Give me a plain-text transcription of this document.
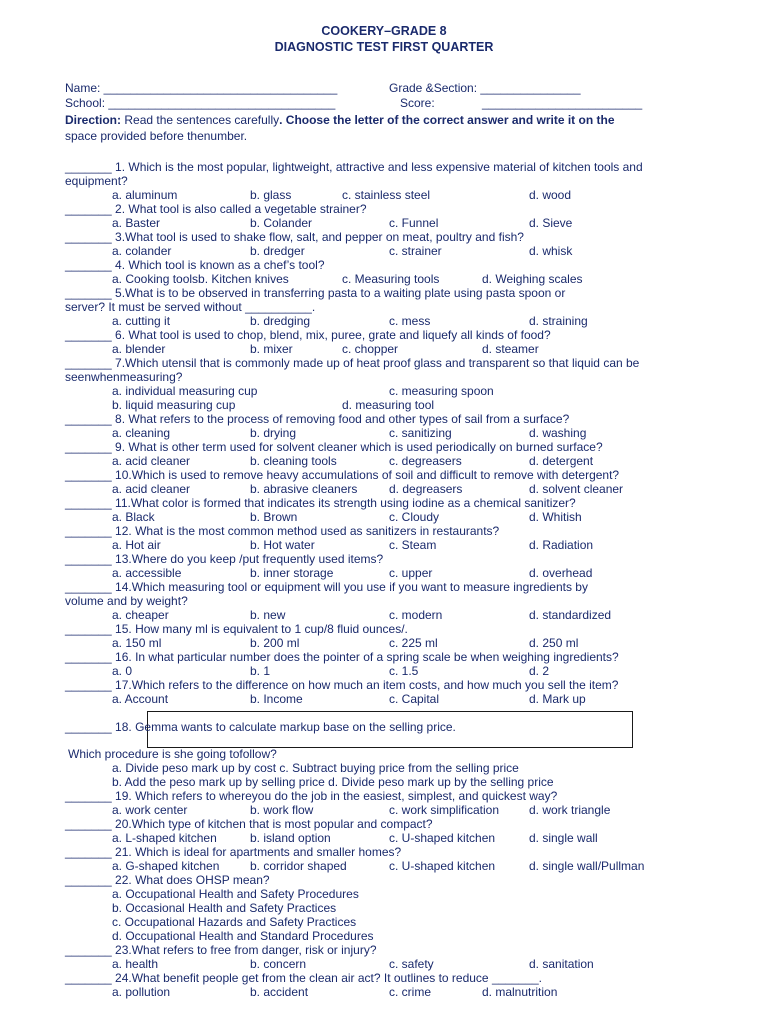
COOKERY–GRADE 8
DIAGNOSTIC TEST FIRST QUARTER
Name: ___________________________________	Grade &Section: _______________
School: __________________________________	Score:	________________________
Direction: Read the sentences carefully. Choose the letter of the correct answer and write it on the
space provided before thenumber.
_______ 1. Which is the most popular, lightweight, attractive and less expensive material of kitchen tools and
equipment?
a. aluminum	b. glass	c. stainless steel	d. wood
_______ 2. What tool is also called a vegetable strainer?
a. Baster	b. Colander	c. Funnel	d. Sieve
_______ 3.What tool is used to shake flow, salt, and pepper on meat, poultry and fish?
a. colander	b. dredger	c. strainer	d. whisk
_______ 4. Which tool is known as a chef’s tool?
a. Cooking toolsb. Kitchen knives	c. Measuring tools	d. Weighing scales
_______ 5.What is to be observed in transferring pasta to a waiting plate using pasta spoon or
server? It must be served without __________.
a. cutting it	b. dredging	c. mess	d. straining
_______ 6. What tool is used to chop, blend, mix, puree, grate and liquefy all kinds of food?
a. blender	b. mixer	c. chopper	d. steamer
_______ 7.Which utensil that is commonly made up of heat proof glass and transparent so that liquid can be
seenwhenmeasuring?
a. individual measuring cup	c. measuring spoon
b. liquid measuring cup	d. measuring tool
_______ 8. What refers to the process of removing food and other types of sail from a surface?
a. cleaning	b. drying	c. sanitizing	d. washing
_______ 9. What is other term used for solvent cleaner which is used periodically on burned surface?
a. acid cleaner	b. cleaning tools	c. degreasers	d. detergent
_______ 10.Which is used to remove heavy accumulations of soil and difficult to remove with detergent?
a. acid cleaner	b. abrasive cleaners	d. degreasers	d. solvent cleaner
_______ 11.What color is formed that indicates its strength using iodine as a chemical sanitizer?
a. Black	b. Brown	c. Cloudy	d. Whitish
_______ 12. What is the most common method used as sanitizers in restaurants?
a. Hot air	b. Hot water	c. Steam	d. Radiation
_______ 13.Where do you keep /put frequently used items?
a. accessible	b. inner storage	c. upper	d. overhead
_______ 14.Which measuring tool or equipment will you use if you want to measure ingredients by
volume and by weight?
a. cheaper	b. new	c. modern	d. standardized
_______ 15. How many ml is equivalent to 1 cup/8 fluid ounces/.
a. 150 ml	b. 200 ml	c. 225 ml	d. 250 ml
_______ 16. In what particular number does the pointer of a spring scale be when weighing ingredients?
a. 0	b. 1	c. 1.5	d. 2
_______ 17.Which refers to the difference on how much an item costs, and how much you sell the item?
a. Account	b. Income	c. Capital	d. Mark up
_______ 18. Gemma wants to calculate markup base on the selling price.
Which procedure is she going tofollow?
a. Divide peso mark up by cost c. Subtract buying price from the selling price
b. Add the peso mark up by selling price d. Divide peso mark up by the selling price
_______ 19. Which refers to whereyou do the job in the easiest, simplest, and quickest way?
a. work center	b. work flow	c. work simplification d. work triangle
_______ 20.Which type of kitchen that is most popular and compact?
a. L-shaped kitchen	b. island option	c. U-shaped kitchen	d. single wall
_______ 21. Which is ideal for apartments and smaller homes?
a. G-shaped kitchen	b. corridor shaped	c. U-shaped kitchen	d. single wall/Pullman
_______ 22. What does OHSP mean?
a. Occupational Health and Safety Procedures
b. Occasional Health and Safety Practices
c. Occupational Hazards and Safety Practices
d. Occupational Health and Standard Procedures
_______ 23.What refers to free from danger, risk or injury?
a. health	b. concern	c. safety	d. sanitation
_______ 24.What benefit people get from the clean air act? It outlines to reduce _______.
a. pollution	b. accident	c. crime	d. malnutrition
